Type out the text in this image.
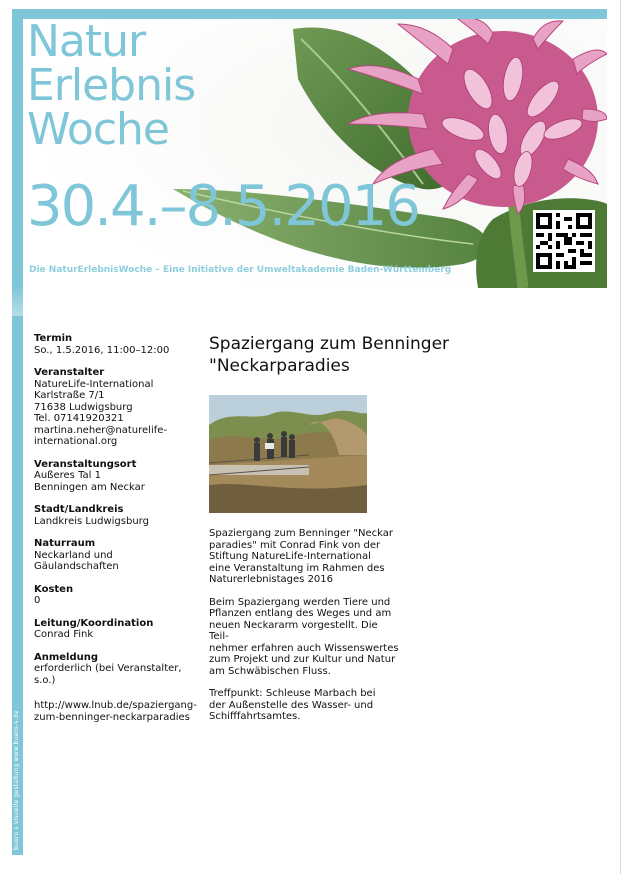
buero s visuelle gestaltung www.buero-s.de
Natur
Erlebnis
Woche
30.4.–8.5.2016
Die NaturErlebnisWoche – Eine Initiative der Umweltakademie Baden-Württemberg
Termin
So., 1.5.2016, 11:00–12:00
Veranstalter
NatureLife-International
Karlstraße 7/1
71638 Ludwigsburg
Tel. 07141920321
martina.neher@naturelife-
international.org
Veranstaltungsort
Außeres Tal 1
Benningen am Neckar
Stadt/Landkreis
Landkreis Ludwigsburg
Naturraum
Neckarland und Gäulandschaften
Kosten
0
Leitung/Koordination
Conrad Fink
Anmeldung
erforderlich (bei Veranstalter,
s.o.)
http://www.lnub.de/spaziergang-
zum-benninger-neckarparadies
Spaziergang zum Benninger "Neckarparadies
Spaziergang zum Benninger "Neckar
paradies" mit Conrad Fink von der
Stiftung NatureLife-International
eine Veranstaltung im Rahmen des
Naturerlebnistages 2016
Beim Spaziergang werden Tiere und
Pflanzen entlang des Weges und am
neuen Neckararm vorgestellt. Die Teil-
nehmer erfahren auch Wissenswertes
zum Projekt und zur Kultur und Natur
am Schwäbischen Fluss.
Treffpunkt: Schleuse Marbach bei
der Außenstelle des Wasser- und
Schifffahrtsamtes.
